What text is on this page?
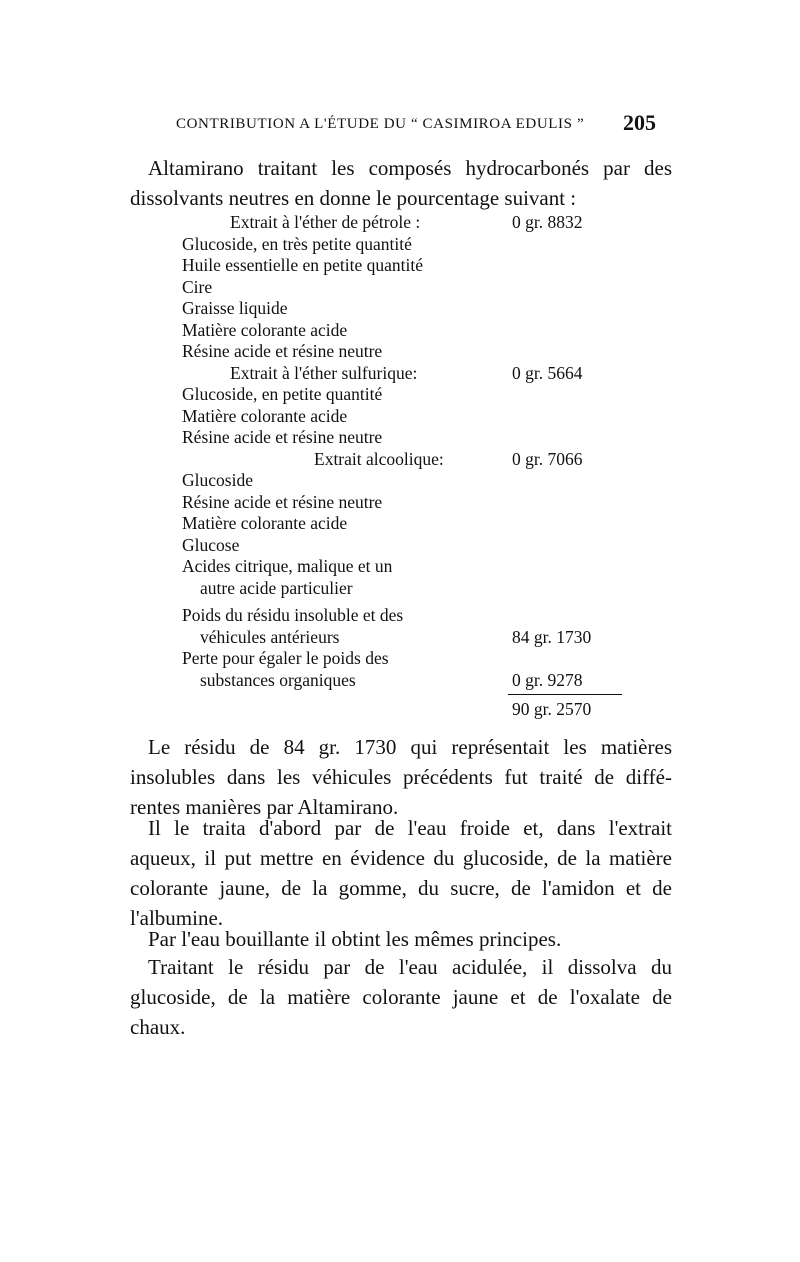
CONTRIBUTION A L'ÉTUDE DU “ CASIMIROA EDULIS ” 205
Altamirano traitant les composés hydrocarbonés par des
dissolvants neutres en donne le pourcentage suivant :
Extrait à l'éther de pétrole :	0 gr. 8832
Glucoside, en très petite quantité
Huile essentielle en petite quantité
Cire
Graisse liquide
Matière colorante acide
Résine acide et résine neutre
Extrait à l'éther sulfurique:	0 gr. 5664
Glucoside, en petite quantité
Matière colorante acide
Résine acide et résine neutre
Extrait alcoolique:	0 gr. 7066
Glucoside
Résine acide et résine neutre
Matière colorante acide
Glucose
Acides citrique, malique et un
autre acide particulier
Poids du résidu insoluble et des
véhicules antérieurs	84 gr. 1730
Perte pour égaler le poids des
substances organiques	0 gr. 9278
90 gr. 2570
Le résidu de 84 gr. 1730 qui représentait les matières
insolubles dans les véhicules précédents fut traité de diffé-
rentes manières par Altamirano.
Il le traita d'abord par de l'eau froide et, dans l'extrait
aqueux, il put mettre en évidence du glucoside, de la matière
colorante jaune, de la gomme, du sucre, de l'amidon et de
l'albumine.
Par l'eau bouillante il obtint les mêmes principes.
Traitant le résidu par de l'eau acidulée, il dissolva du
glucoside, de la matière colorante jaune et de l'oxalate de
chaux.
